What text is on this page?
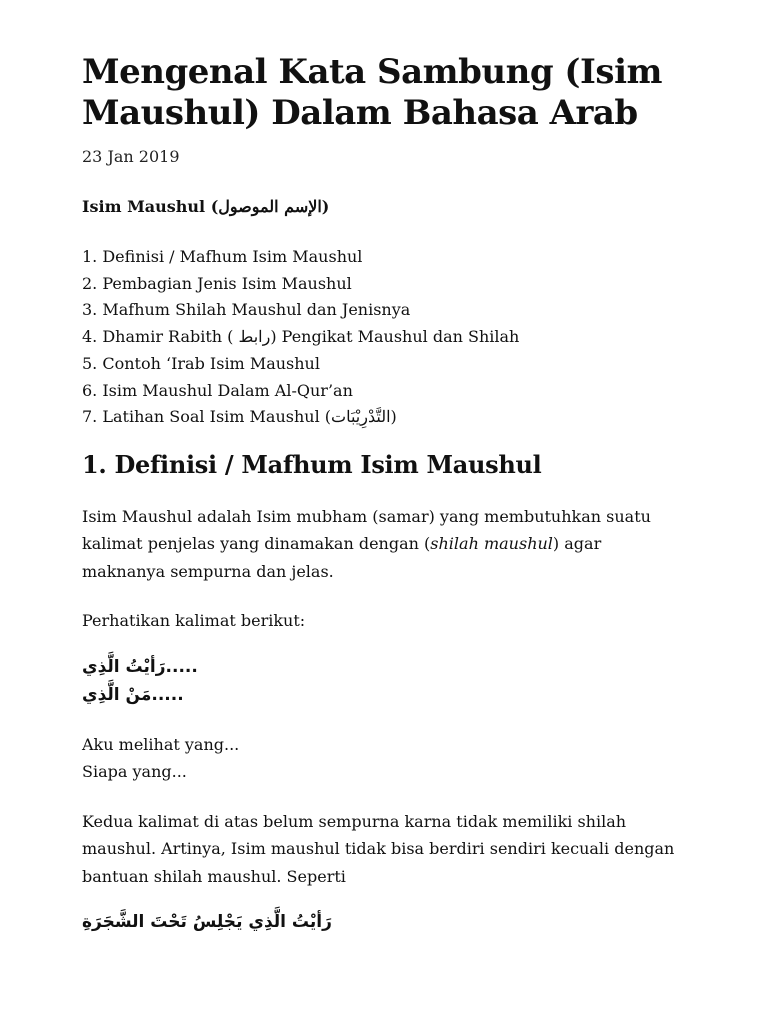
Mengenal Kata Sambung (Isim Maushul) Dalam Bahasa Arab
23 Jan 2019
Isim Maushul (الإسم الموصول)
1. Definisi / Mafhum Isim Maushul
2. Pembagian Jenis Isim Maushul
3. Mafhum Shilah Maushul dan Jenisnya
4. Dhamir Rabith ( رابط) Pengikat Maushul dan Shilah
5. Contoh ‘Irab Isim Maushul
6. Isim Maushul Dalam Al-Qur’an
7. Latihan Soal Isim Maushul (التَّدْرِيْبَات)
1. Definisi / Mafhum Isim Maushul

Isim Maushul adalah Isim mubham (samar) yang membutuhkan suatu kalimat penjelas yang dinamakan dengan (shilah maushul) agar maknanya sempurna dan jelas.

Perhatikan kalimat berikut:

رَأيْتُ الَّذِي.....
مَنْ الَّذِي.....

Aku melihat yang...
Siapa yang...

Kedua kalimat di atas belum sempurna karna tidak memiliki shilah maushul. Artinya, Isim maushul tidak bisa berdiri sendiri kecuali dengan bantuan shilah maushul. Seperti

رَأيْتُ الَّذِي يَجْلِسُ تَحْتَ الشَّجَرَةِ
